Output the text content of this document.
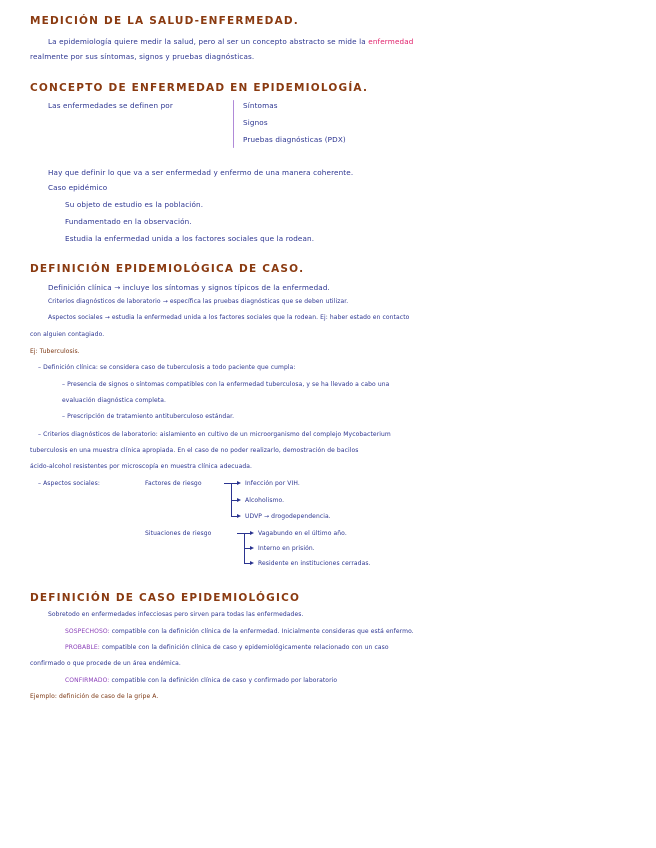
MEDICIÓN DE LA SALUD-ENFERMEDAD.
La epidemiología quiere medir la salud, pero al ser un concepto abstracto se mide la enfermedad
realmente por sus síntomas, signos y pruebas diagnósticas.
CONCEPTO DE ENFERMEDAD EN EPIDEMIOLOGÍA.
Las enfermedades se definen por	Síntomas
Signos
Pruebas diagnósticas (PDX)
Hay que definir lo que va a ser enfermedad y enfermo de una manera coherente.
Caso epidémico
Su objeto de estudio es la población.
Fundamentado en la observación.
Estudia la enfermedad unida a los factores sociales que la rodean.
DEFINICIÓN EPIDEMIOLÓGICA DE CASO.
Definición clínica → incluye los síntomas y signos típicos de la enfermedad.
Criterios diagnósticos de laboratorio → específica las pruebas diagnósticas que se deben utilizar.
Aspectos sociales → estudia la enfermedad unida a los factores sociales que la rodean. Ej: haber estado en contacto
con alguien contagiado.
Ej: Tuberculosis.
– Definición clínica: se considera caso de tuberculosis a todo paciente que cumpla:
– Presencia de signos o síntomas compatibles con la enfermedad tuberculosa, y se ha llevado a cabo una
evaluación diagnóstica completa.
– Prescripción de tratamiento antituberculoso estándar.
– Criterios diagnósticos de laboratorio: aislamiento en cultivo de un microorganismo del complejo Mycobacterium
tuberculosis en una muestra clínica apropiada. En el caso de no poder realizarlo, demostración de bacilos
ácido-alcohol resistentes por microscopía en muestra clínica adecuada.
– Aspectos sociales:	Factores de riesgo	Infección por VIH.
Alcoholismo.
UDVP → drogodependencia.
Situaciones de riesgo	Vagabundo en el último año.
Interno en prisión.
Residente en instituciones cerradas.
DEFINICIÓN DE CASO EPIDEMIOLÓGICO
Sobretodo en enfermedades infecciosas pero sirven para todas las enfermedades.
SOSPECHOSO: compatible con la definición clínica de la enfermedad. Inicialmente consideras que está enfermo.
PROBABLE: compatible con la definición clínica de caso y epidemiológicamente relacionado con un caso
confirmado o que procede de un área endémica.
CONFIRMADO: compatible con la definición clínica de caso y confirmado por laboratorio
Ejemplo: definición de caso de la gripe A.
